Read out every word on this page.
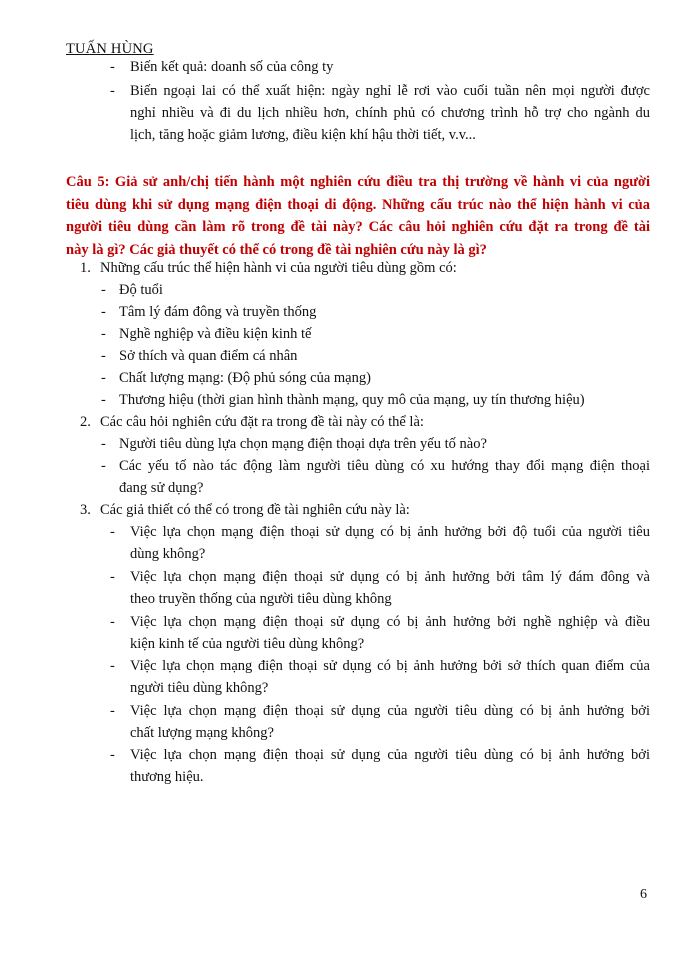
TUẤN HÙNG
- Biến kết quả: doanh số của công ty
- Biến ngoại lai có thể xuất hiện: ngày nghỉ lễ rơi vào cuối tuần nên mọi người được
nghỉ nhiều và đi du lịch nhiều hơn, chính phủ có chương trình hỗ trợ cho ngành du
lịch, tăng hoặc giảm lương, điều kiện khí hậu thời tiết, v.v...
Câu 5: Giả sử anh/chị tiến hành một nghiên cứu điều tra thị trường về hành vi của người
tiêu dùng khi sử dụng mạng điện thoại di động. Những cấu trúc nào thể hiện hành vi của
người tiêu dùng cần làm rõ trong đề tài này? Các câu hỏi nghiên cứu đặt ra trong đề tài
này là gì? Các giả thuyết có thể có trong đề tài nghiên cứu này là gì?
1. Những cấu trúc thể hiện hành vi của người tiêu dùng gồm có:
- Độ tuổi
- Tâm lý đám đông và truyền thống
- Nghề nghiệp và điều kiện kinh tế
- Sở thích và quan điểm cá nhân
- Chất lượng mạng: (Độ phủ sóng của mạng)
- Thương hiệu (thời gian hình thành mạng, quy mô của mạng, uy tín thương hiệu)
2. Các câu hỏi nghiên cứu đặt ra trong đề tài này có thể là:
- Người tiêu dùng lựa chọn mạng điện thoại dựa trên yếu tố nào?
- Các yếu tố nào tác động làm người tiêu dùng có xu hướng thay đổi mạng điện thoại
đang sử dụng?
3. Các giả thiết có thể có trong đề tài nghiên cứu này là:
- Việc lựa chọn mạng điện thoại sử dụng có bị ảnh hưởng bởi độ tuổi của người tiêu
dùng không?
- Việc lựa chọn mạng điện thoại sử dụng có bị ảnh hưởng bởi tâm lý đám đông và
theo truyền thống của người tiêu dùng không
- Việc lựa chọn mạng điện thoại sử dụng có bị ảnh hưởng bởi nghề nghiệp và điều
kiện kinh tế của người tiêu dùng không?
- Việc lựa chọn mạng điện thoại sử dụng có bị ảnh hưởng bởi sở thích quan điểm của
người tiêu dùng không?
- Việc lựa chọn mạng điện thoại sử dụng của người tiêu dùng có bị ảnh hưởng bởi
chất lượng mạng không?
- Việc lựa chọn mạng điện thoại sử dụng của người tiêu dùng có bị ảnh hưởng bởi
thương hiệu.
6
